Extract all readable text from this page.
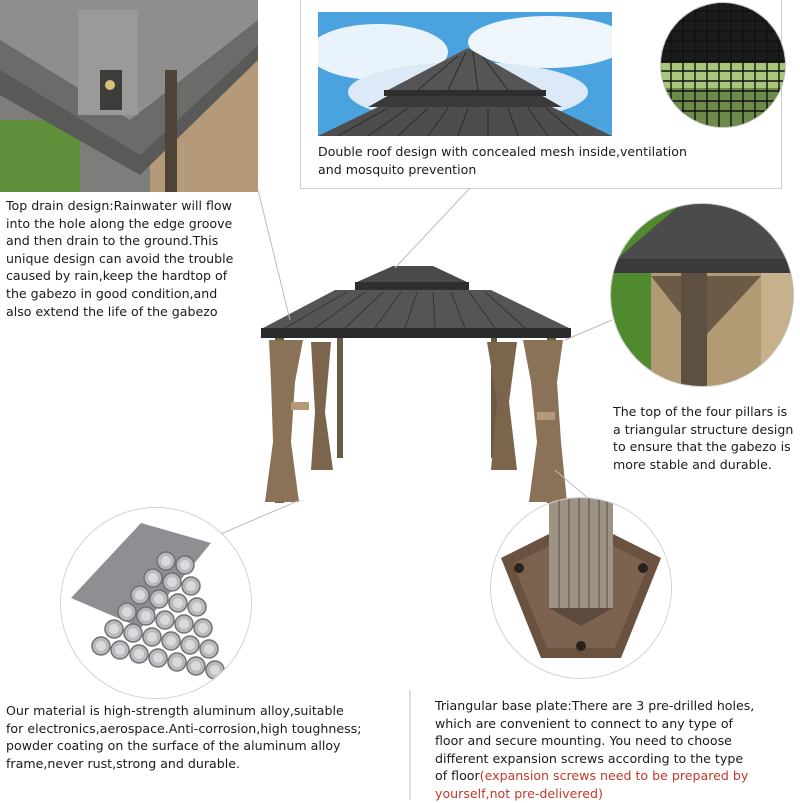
Double roof design with concealed mesh inside,ventilation
and mosquito prevention
Top drain design:Rainwater will flow
into the hole along the edge groove
and then drain to the ground.This
unique design can avoid the trouble
caused by rain,keep the hardtop of
the gabezo in good condition,and
also extend the life of the gabezo
The top of the four pillars is
a triangular structure design
to ensure that the gabezo is
more stable and durable.
Our material is high-strength aluminum alloy,suitable
for electronics,aerospace.Anti-corrosion,high toughness;
powder coating on the surface of the aluminum alloy
frame,never rust,strong and durable.
Triangular base plate:There are 3 pre-drilled holes,
which are convenient to connect to any type of
floor and secure mounting. You need to choose
different expansion screws according to the type
of floor(expansion screws need to be prepared by
yourself,not pre-delivered)
